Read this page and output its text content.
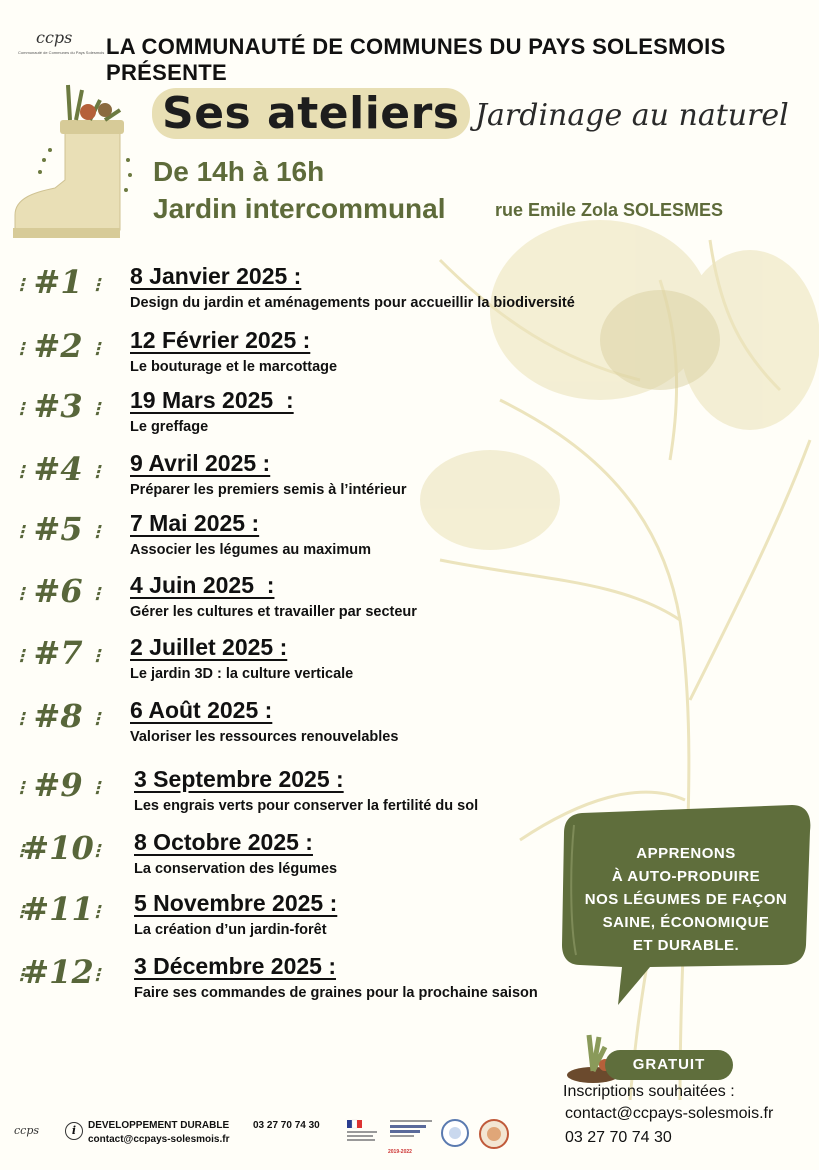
ccps
Communauté de Communes du Pays Solesmois LA COMMUNAUTÉ DE COMMUNES DU PAYS SOLESMOIS PRÉSENTE
Ses ateliers Jardinage au naturel
De 14h à 16h
Jardin intercommunal	rue Emile Zola SOLESMES
⁝ #1 ⁝ 8 Janvier 2025 :
Design du jardin et aménagements pour accueillir la biodiversité
⁝ #2 ⁝ 12 Février 2025 :
Le bouturage et le marcottage
⁝ #3 ⁝ 19 Mars 2025  :
Le greffage
⁝ #4 ⁝ 9 Avril 2025 :
Préparer les premiers semis à l’intérieur
⁝ #5 ⁝ 7 Mai 2025 :
Associer les légumes au maximum
⁝ #6 ⁝ 4 Juin 2025  :
Gérer les cultures et travailler par secteur
⁝ #7 ⁝ 2 Juillet 2025 :
Le jardin 3D : la culture verticale
⁝ #8 ⁝ 6 Août 2025 :
Valoriser les ressources renouvelables
⁝ #9 ⁝ 3 Septembre 2025 :
Les engrais verts pour conserver la fertilité du sol
⁝#10⁝ 8 Octobre 2025 :
La conservation des légumes
⁝#11⁝ 5 Novembre 2025 :
La création d’un jardin-forêt
⁝#12⁝ 3 Décembre 2025 :
Faire ses commandes de graines pour la prochaine saison
APPRENONS
À AUTO-PRODUIRE
NOS LÉGUMES DE FAÇON
SAINE, ÉCONOMIQUE
ET DURABLE.
GRATUIT
Inscriptions souhaitées :
contact@ccpays-solesmois.fr
03 27 70 74 30
ccps	i	DEVELOPPEMENT DURABLE 03 27 70 74 30
contact@ccpays-solesmois.fr
2019-2022
